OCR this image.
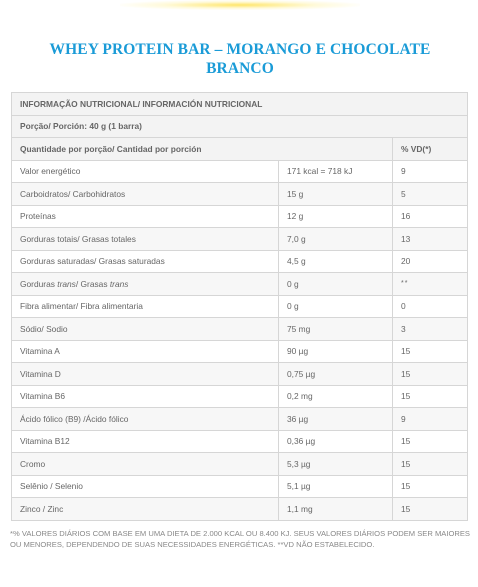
WHEY PROTEIN BAR – MORANGO E CHOCOLATE BRANCO
INFORMAÇÃO NUTRICIONAL/ INFORMACIÓN NUTRICIONAL		
Porção/ Porción: 40 g (1 barra)		
Quantidade por porção/ Cantidad por porción		% VD(*)
Valor energético	171 kcal = 718 kJ	9
Carboidratos/ Carbohidratos	15 g	5
Proteínas	12 g	16
Gorduras totais/ Grasas totales	7,0 g	13
Gorduras saturadas/ Grasas saturadas	4,5 g	20
Gorduras trans/ Grasas trans	0 g	**
Fibra alimentar/ Fibra alimentaria	0 g	0
Sódio/ Sodio	75 mg	3
Vitamina A	90 µg	15
Vitamina D	0,75 µg	15
Vitamina B6	0,2 mg	15
Ácido fólico (B9) /Ácido fólico	36 µg	9
Vitamina B12	0,36 µg	15
Cromo	5,3 µg	15
Selênio / Selenio	5,1 µg	15
Zinco / Zinc	1,1 mg	15

*% VALORES DIÁRIOS COM BASE EM UMA DIETA DE 2.000 KCAL OU 8.400 KJ. SEUS VALORES DIÁRIOS PODEM SER MAIORES OU MENORES, DEPENDENDO DE SUAS NECESSIDADES ENERGÉTICAS. **VD NÃO ESTABELECIDO.
